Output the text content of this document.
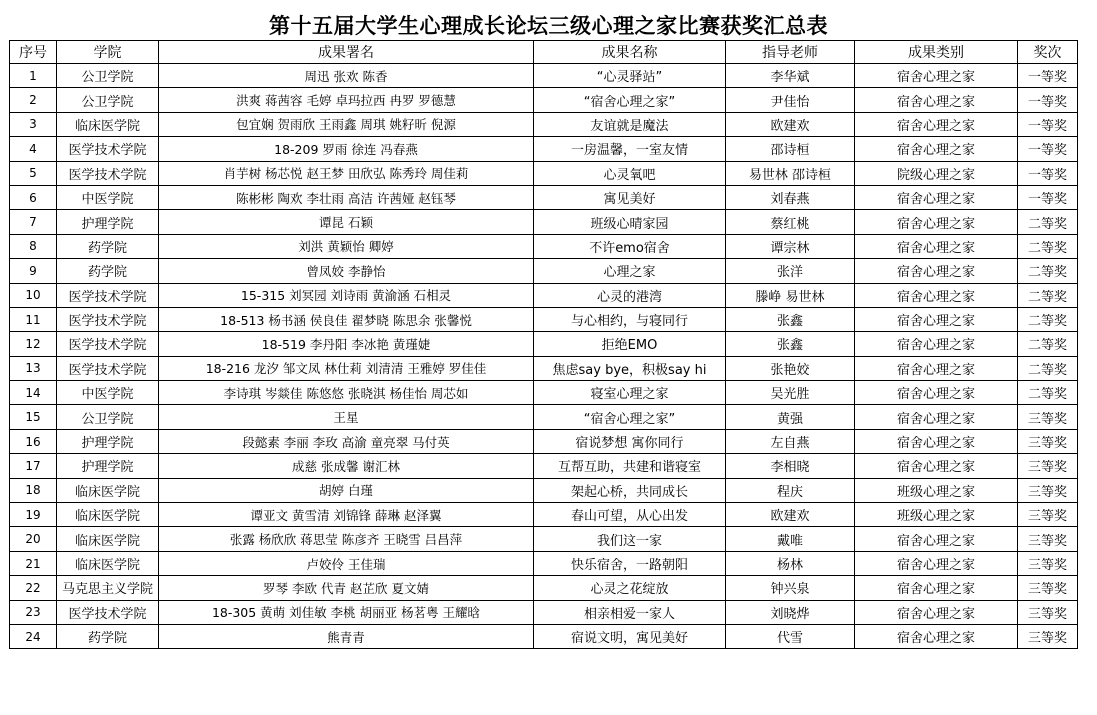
第十五届大学生心理成长论坛三级心理之家比赛获奖汇总表
序号	学院	成果署名	成果名称	指导老师	成果类别	奖次
1	公卫学院	周迅 张欢 陈香	“心灵驿站”	李华斌	宿舍心理之家	一等奖
2	公卫学院	洪爽 蒋茜容 毛婷 卓玛拉西 冉罗 罗德慧	“宿舍心理之家”	尹佳怡	宿舍心理之家	一等奖
3	临床医学院	包宜娴 贺雨欣 王雨鑫 周琪 姚籽昕 倪源	友谊就是魔法	欧建欢	宿舍心理之家	一等奖
4	医学技术学院	18-209 罗雨 徐连 冯春燕	一房温馨，一室友情	邵诗桓	宿舍心理之家	一等奖
5	医学技术学院	肖芋树 杨芯悦 赵王梦 田欣弘 陈秀玲 周佳莉	心灵氧吧	易世林 邵诗桓	院级心理之家	一等奖
6	中医学院	陈彬彬 陶欢 李壮雨 高洁 许茜娅 赵钰琴	寓见美好	刘春燕	宿舍心理之家	一等奖
7	护理学院	谭昆 石颖	班级心晴家园	蔡红桃	宿舍心理之家	二等奖
8	药学院	刘洪 黄颖怡 卿婷	不许emo宿舍	谭宗林	宿舍心理之家	二等奖
9	药学院	曾凤姣 李静怡	心理之家	张洋	宿舍心理之家	二等奖
10	医学技术学院	15-315 刘冥园 刘诗雨 黄渝涵 石相灵	心灵的港湾	滕峥 易世林	宿舍心理之家	二等奖
11	医学技术学院	18-513 杨书涵 侯良佳 翟梦晓 陈思余 张馨悦	与心相约，与寝同行	张鑫	宿舍心理之家	二等奖
12	医学技术学院	18-519 李丹阳 李冰艳 黄瑾婕	拒绝EMO	张鑫	宿舍心理之家	二等奖
13	医学技术学院	18-216 龙汐 邹文凤 林仕莉 刘清清 王雅婷 罗佳佳	焦虑say bye，积极say hi	张艳姣	宿舍心理之家	二等奖
14	中医学院	李诗琪 岑燚佳 陈悠悠 张晓淇 杨佳怡 周芯如	寝室心理之家	吴光胜	宿舍心理之家	二等奖
15	公卫学院	王星	“宿舍心理之家”	黄强	宿舍心理之家	三等奖
16	护理学院	段懿素 李丽 李玫 高渝 童亮翠 马付英	宿说梦想 寓你同行	左自燕	宿舍心理之家	三等奖
17	护理学院	成慈 张成馨 谢汇林	互帮互助，共建和谐寝室	李相晓	宿舍心理之家	三等奖
18	临床医学院	胡婷 白瑾	架起心桥，共同成长	程庆	班级心理之家	三等奖
19	临床医学院	谭亚文 黄雪清 刘锦锋 薛琳 赵泽翼	春山可望，从心出发	欧建欢	班级心理之家	三等奖
20	临床医学院	张露 杨欣欣 蒋思莹 陈彦齐 王晓雪 吕昌萍	我们这一家	戴唯	宿舍心理之家	三等奖
21	临床医学院	卢姣伶 王佳瑞	快乐宿舍，一路朝阳	杨林	宿舍心理之家	三等奖
22	马克思主义学院	罗琴 李欧 代青 赵芷欣 夏文婧	心灵之花绽放	钟兴泉	宿舍心理之家	三等奖
23	医学技术学院	18-305 黄萌 刘佳敏 李桃 胡丽亚 杨茗粤 王耀晗	相亲相爱一家人	刘晓烨	宿舍心理之家	三等奖
24	药学院	熊青青	宿说文明，寓见美好	代雪	宿舍心理之家	三等奖
